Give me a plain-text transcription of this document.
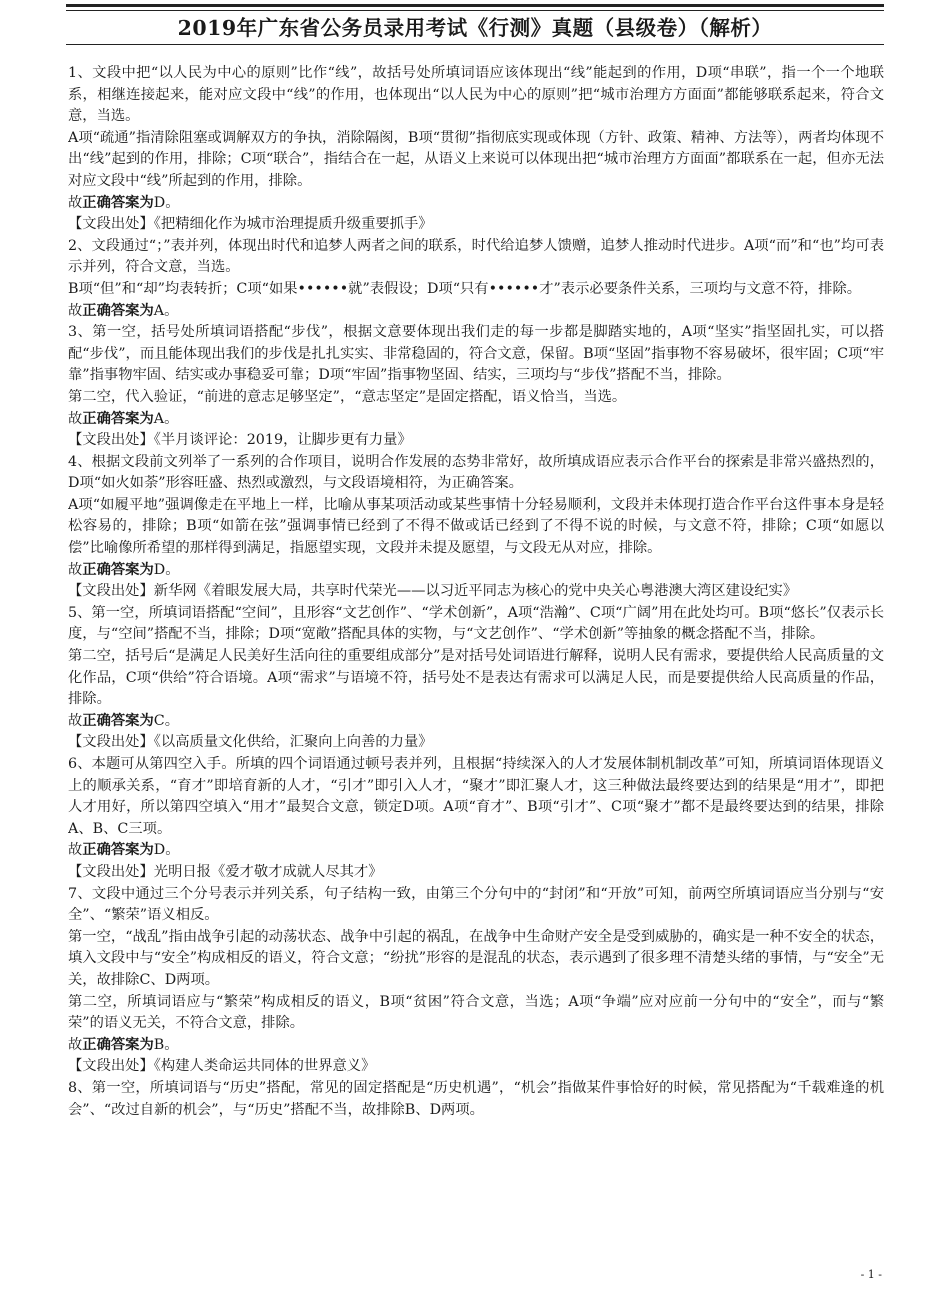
2019年广东省公务员录用考试《行测》真题（县级卷）（解析）

1、文段中把“以人民为中心的原则”比作“线”，故括号处所填词语应该体现出“线”能起到的作用，D项“串联”，指一个一个地联系，相继连接起来，能对应文段中“线”的作用，也体现出“以人民为中心的原则”把“城市治理方方面面”都能够联系起来，符合文意，当选。

A项“疏通”指清除阻塞或调解双方的争执，消除隔阂，B项“贯彻”指彻底实现或体现（方针、政策、精神、方法等），两者均体现不出“线”起到的作用，排除；C项“联合”，指结合在一起，从语义上来说可以体现出把“城市治理方方面面”都联系在一起，但亦无法对应文段中“线”所起到的作用，排除。

故正确答案为D。

【文段出处】《把精细化作为城市治理提质升级重要抓手》

2、文段通过“；”表并列，体现出时代和追梦人两者之间的联系，时代给追梦人馈赠，追梦人推动时代进步。A项“而”和“也”均可表示并列，符合文意，当选。

B项“但”和“却”均表转折；C项“如果••••••就”表假设；D项“只有••••••才”表示必要条件关系，三项均与文意不符，排除。

故正确答案为A。

3、第一空，括号处所填词语搭配“步伐”，根据文意要体现出我们走的每一步都是脚踏实地的，A项“坚实”指坚固扎实，可以搭配“步伐”，而且能体现出我们的步伐是扎扎实实、非常稳固的，符合文意，保留。B项“坚固”指事物不容易破坏，很牢固；C项“牢靠”指事物牢固、结实或办事稳妥可靠；D项“牢固”指事物坚固、结实，三项均与“步伐”搭配不当，排除。

第二空，代入验证，“前进的意志足够坚定”，“意志坚定”是固定搭配，语义恰当，当选。

故正确答案为A。

【文段出处】《半月谈评论：2019，让脚步更有力量》

4、根据文段前文列举了一系列的合作项目，说明合作发展的态势非常好，故所填成语应表示合作平台的探索是非常兴盛热烈的，D项“如火如荼”形容旺盛、热烈或激烈，与文段语境相符，为正确答案。

A项“如履平地”强调像走在平地上一样，比喻从事某项活动或某些事情十分轻易顺利，文段并未体现打造合作平台这件事本身是轻松容易的，排除；B项“如箭在弦”强调事情已经到了不得不做或话已经到了不得不说的时候，与文意不符，排除；C项“如愿以偿”比喻像所希望的那样得到满足，指愿望实现，文段并未提及愿望，与文段无从对应，排除。

故正确答案为D。

【文段出处】新华网《着眼发展大局，共享时代荣光——以习近平同志为核心的党中央关心粤港澳大湾区建设纪实》

5、第一空，所填词语搭配“空间”，且形容“文艺创作”、“学术创新”，A项“浩瀚”、C项“广阔”用在此处均可。B项“悠长”仅表示长度，与“空间”搭配不当，排除；D项“宽敞”搭配具体的实物，与“文艺创作”、“学术创新”等抽象的概念搭配不当，排除。

第二空，括号后“是满足人民美好生活向往的重要组成部分”是对括号处词语进行解释，说明人民有需求，要提供给人民高质量的文化作品，C项“供给”符合语境。A项“需求”与语境不符，括号处不是表达有需求可以满足人民，而是要提供给人民高质量的作品，排除。

故正确答案为C。

【文段出处】《以高质量文化供给，汇聚向上向善的力量》

6、本题可从第四空入手。所填的四个词语通过顿号表并列，且根据“持续深入的人才发展体制机制改革”可知，所填词语体现语义上的顺承关系，“育才”即培育新的人才，“引才”即引入人才，“聚才”即汇聚人才，这三种做法最终要达到的结果是“用才”，即把人才用好，所以第四空填入“用才”最契合文意，锁定D项。A项“育才”、B项“引才”、C项“聚才”都不是最终要达到的结果，排除A、B、C三项。

故正确答案为D。

【文段出处】光明日报《爱才敬才成就人尽其才》

7、文段中通过三个分号表示并列关系，句子结构一致，由第三个分句中的“封闭”和“开放”可知，前两空所填词语应当分别与“安全”、“繁荣”语义相反。

第一空，“战乱”指由战争引起的动荡状态、战争中引起的祸乱，在战争中生命财产安全是受到威胁的，确实是一种不安全的状态，填入文段中与“安全”构成相反的语义，符合文意；“纷扰”形容的是混乱的状态，表示遇到了很多理不清楚头绪的事情，与“安全”无关，故排除C、D两项。

第二空，所填词语应与“繁荣”构成相反的语义，B项“贫困”符合文意，当选；A项“争端”应对应前一分句中的“安全”，而与“繁荣”的语义无关，不符合文意，排除。

故正确答案为B。

【文段出处】《构建人类命运共同体的世界意义》

8、第一空，所填词语与“历史”搭配，常见的固定搭配是“历史机遇”，“机会”指做某件事恰好的时候，常见搭配为“千载难逢的机会”、“改过自新的机会”，与“历史”搭配不当，故排除B、D两项。

- 1 -
